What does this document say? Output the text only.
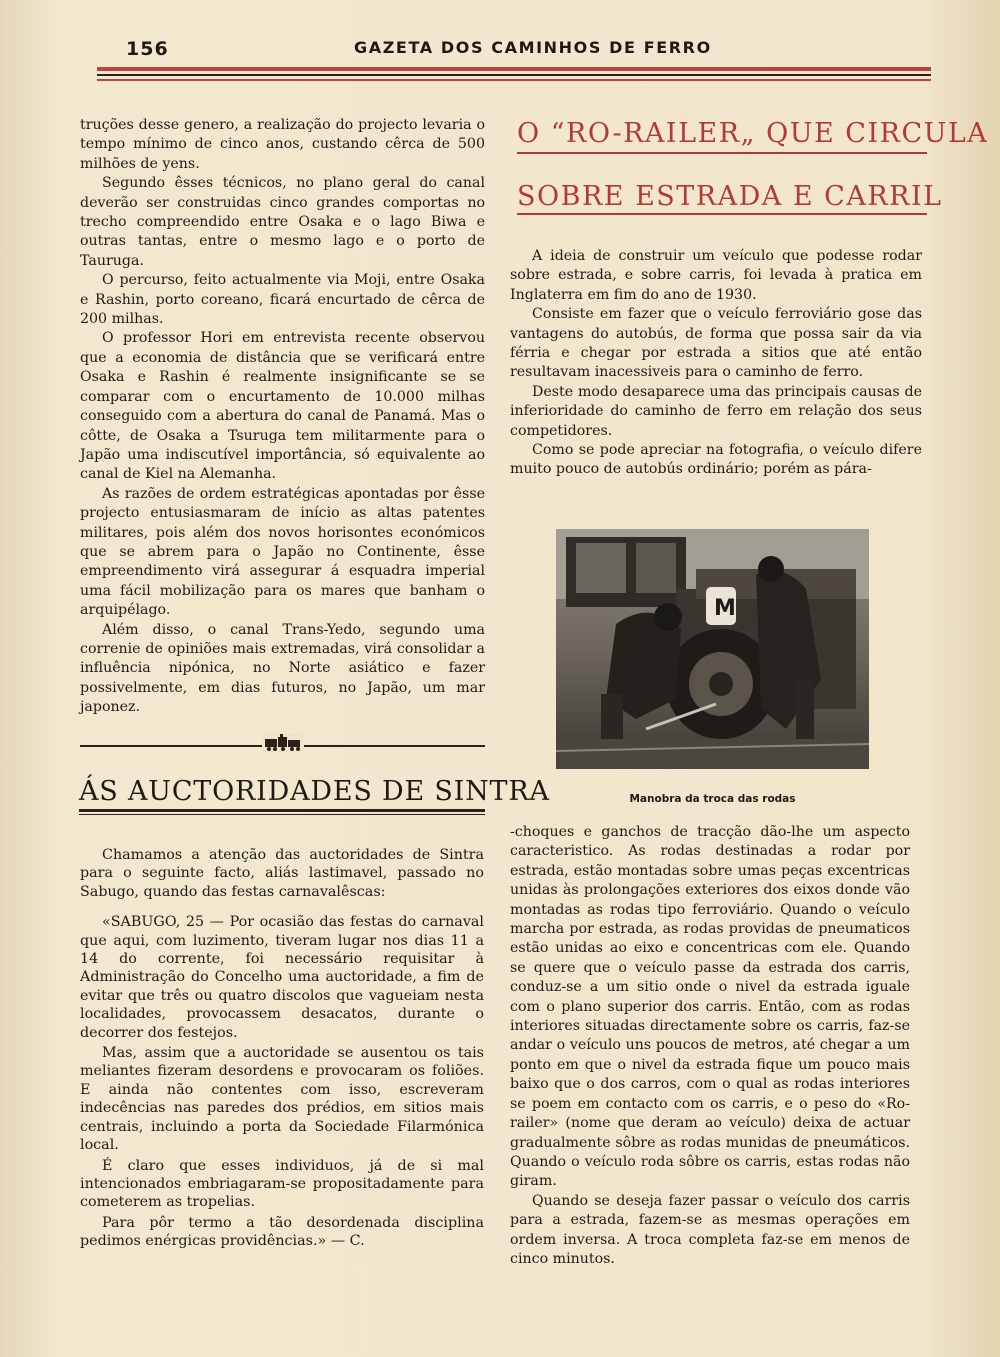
156	GAZETA DOS CAMINHOS DE FERRO

truções desse genero, a realização do projecto levaria o tempo mínimo de cinco anos, custando cêrca de 500 milhões de yens.

Segundo êsses técnicos, no plano geral do canal deverão ser construidas cinco grandes comportas no trecho compreendido entre Osaka e o lago Biwa e outras tantas, entre o mesmo lago e o porto de Tauruga.

O percurso, feito actualmente via Moji, entre Osaka e Rashin, porto coreano, ficará encurtado de cêrca de 200 milhas.

O professor Hori em entrevista recente observou que a economia de distância que se verificará entre Osaka e Rashin é realmente insignificante se se comparar com o encurtamento de 10.000 milhas conseguido com a abertura do canal de Panamá. Mas o côtte, de Osaka a Tsuruga tem militarmente para o Japão uma indiscutível importância, só equivalente ao canal de Kiel na Alemanha.

As razões de ordem estratégicas apontadas por êsse projecto entusiasmaram de início as altas patentes militares, pois além dos novos horisontes económicos que se abrem para o Japão no Continente, êsse empreendimento virá assegurar á esquadra imperial uma fácil mobilização para os mares que banham o arquipélago.

Além disso, o canal Trans-Yedo, segundo uma correnie de opiniões mais extremadas, virá consolidar a influência nipónica, no Norte asiático e fazer possivelmente, em dias futuros, no Japão, um mar japonez.

ÁS AUCTORIDADES DE SINTRA

Chamamos a atenção das auctoridades de Sintra para o seguinte facto, aliás lastimavel, passado no Sabugo, quando das festas carnavalêscas:

«SABUGO, 25 — Por ocasião das festas do carnaval que aqui, com luzimento, tiveram lugar nos dias 11 a 14 do corrente, foi necessário requisitar à Administração do Concelho uma auctoridade, a fim de evitar que três ou quatro discolos que vagueiam nesta localidades, provocassem desacatos, durante o decorrer dos festejos.

Mas, assim que a auctoridade se ausentou os tais meliantes fizeram desordens e provocaram os foliões. E ainda não contentes com isso, escreveram indecências nas paredes dos prédios, em sitios mais centrais, incluindo a porta da Sociedade Filarmónica local.

É claro que esses individuos, já de si mal intencionados embriagaram-se propositadamente para cometerem as tropelias.

Para pôr termo a tão desordenada disciplina pedimos enérgicas providências.» — C.

O “RO-RAILER„ QUE CIRCULA
SOBRE ESTRADA E CARRIL

A ideia de construir um veículo que podesse rodar sobre estrada, e sobre carris, foi levada à pratica em Inglaterra em fim do ano de 1930.

Consiste em fazer que o veículo ferroviário gose das vantagens do autobús, de forma que possa sair da via férria e chegar por estrada a sitios que até então resultavam inacessiveis para o caminho de ferro.

Deste modo desaparece uma das principais causas de inferioridade do caminho de ferro em relação dos seus competidores.

Como se pode apreciar na fotografia, o veículo difere muito pouco de autobús ordinário; porém as pára-

M
Manobra da troca das rodas

-choques e ganchos de tracção dão-lhe um aspecto caracteristico. As rodas destinadas a rodar por estrada, estão montadas sobre umas peças excentricas unidas às prolongações exteriores dos eixos donde vão montadas as rodas tipo ferroviário. Quando o veículo marcha por estrada, as rodas providas de pneumaticos estão unidas ao eixo e concentricas com ele. Quando se quere que o veículo passe da estrada dos carris, conduz-se a um sitio onde o nivel da estrada iguale com o plano superior dos carris. Então, com as rodas interiores situadas directamente sobre os carris, faz-se andar o veículo uns poucos de metros, até chegar a um ponto em que o nivel da estrada fique um pouco mais baixo que o dos carros, com o qual as rodas interiores se poem em contacto com os carris, e o peso do «Ro-railer» (nome que deram ao veículo) deixa de actuar gradualmente sôbre as rodas munidas de pneumáticos. Quando o veículo roda sôbre os carris, estas rodas não giram.

Quando se deseja fazer passar o veículo dos carris para a estrada, fazem-se as mesmas operações em ordem inversa. A troca completa faz-se em menos de cinco minutos.
